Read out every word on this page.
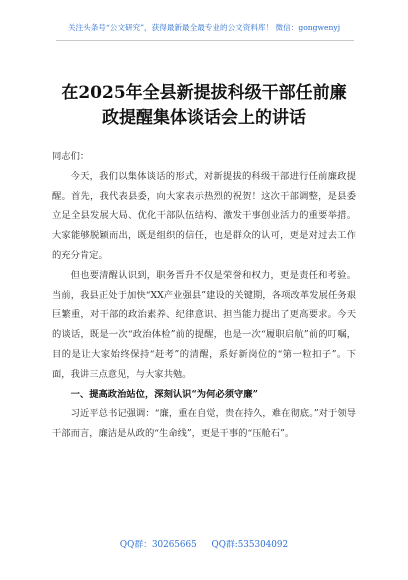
关注头条号“公文研究”，获得最新最全最专业的公文资料库！ 微信：gongwenyj
在2025年全县新提拔科级干部任前廉
政提醒集体谈话会上的讲话

同志们：

今天，我们以集体谈话的形式，对新提拔的科级干部进行任前廉政提醒。首先，我代表县委，向大家表示热烈的祝贺！这次干部调整，是县委立足全县发展大局、优化干部队伍结构、激发干事创业活力的重要举措。大家能够脱颖而出，既是组织的信任，也是群众的认可，更是对过去工作的充分肯定。

但也要清醒认识到，职务晋升不仅是荣誉和权力，更是责任和考验。当前，我县正处于加快“XX产业强县”建设的关键期，各项改革发展任务艰巨繁重，对干部的政治素养、纪律意识、担当能力提出了更高要求。今天的谈话，既是一次“政治体检”前的提醒，也是一次“履职启航”前的叮嘱，目的是让大家始终保持“赶考”的清醒，系好新岗位的“第一粒扣子”。下面，我讲三点意见，与大家共勉。

一、提高政治站位，深刻认识“为何必须守廉”

习近平总书记强调：“廉，重在自觉，贵在持久，难在彻底。”对于领导干部而言，廉洁是从政的“生命线”，更是干事的“压舱石”。

QQ群：30265665 QQ群:535304092
